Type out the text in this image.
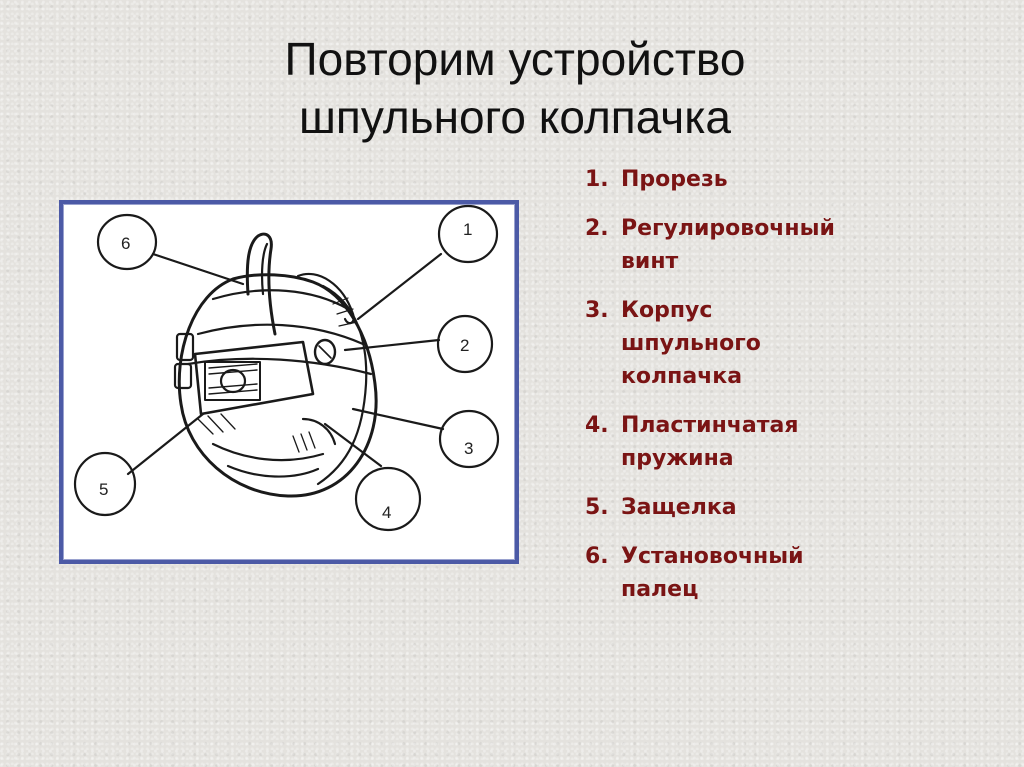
Повторим устройство
шпульного колпачка
6
1
2
3
4
5
1. Прорезь
2. Регулировочный винт
3. Корпус шпульного колпачка
4. Пластинчатая пружина
5. Защелка
6. Установочный палец
